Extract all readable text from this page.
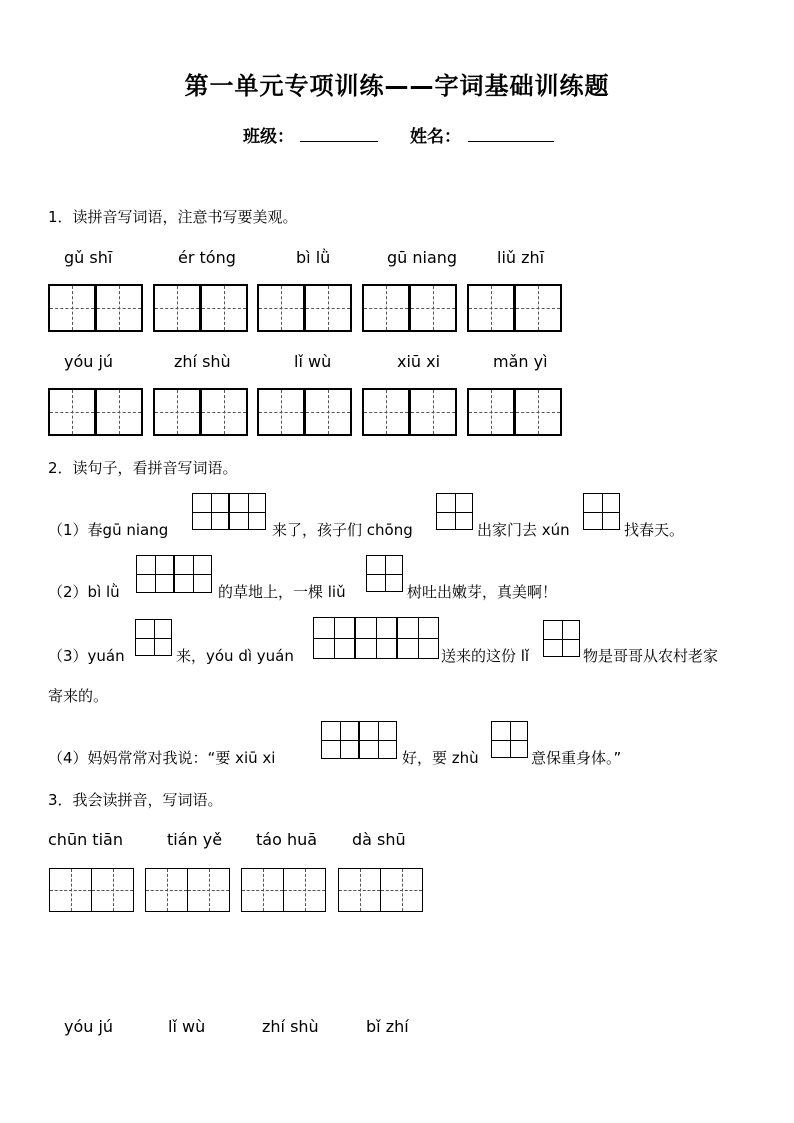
第一单元专项训练——字词基础训练题
班级：	姓名：
1．读拼音写词语，注意书写要美观。
gǔ shī	ér tóng	bì lǜ	gū niang liǔ zhī
yóu jú	zhí shù	lǐ wù	xiū xi	mǎn yì
2．读句子，看拼音写词语。
（1）春gū niang	来了，孩子们 chōng	出家门去 xún	找春天。
（2）bì lǜ	的草地上，一棵 liǔ	树吐出嫩芽，真美啊！
（3）yuán	来，yóu dì yuán	送来的这份 lǐ	物是哥哥从农村老家
寄来的。
（4）妈妈常常对我说：“要 xiū xi	好，要 zhù	意保重身体。”
3．我会读拼音，写词语。
chūn tiān	tián yě táo huā dà shū
yóu jú	lǐ wù	zhí shù	bǐ zhí
